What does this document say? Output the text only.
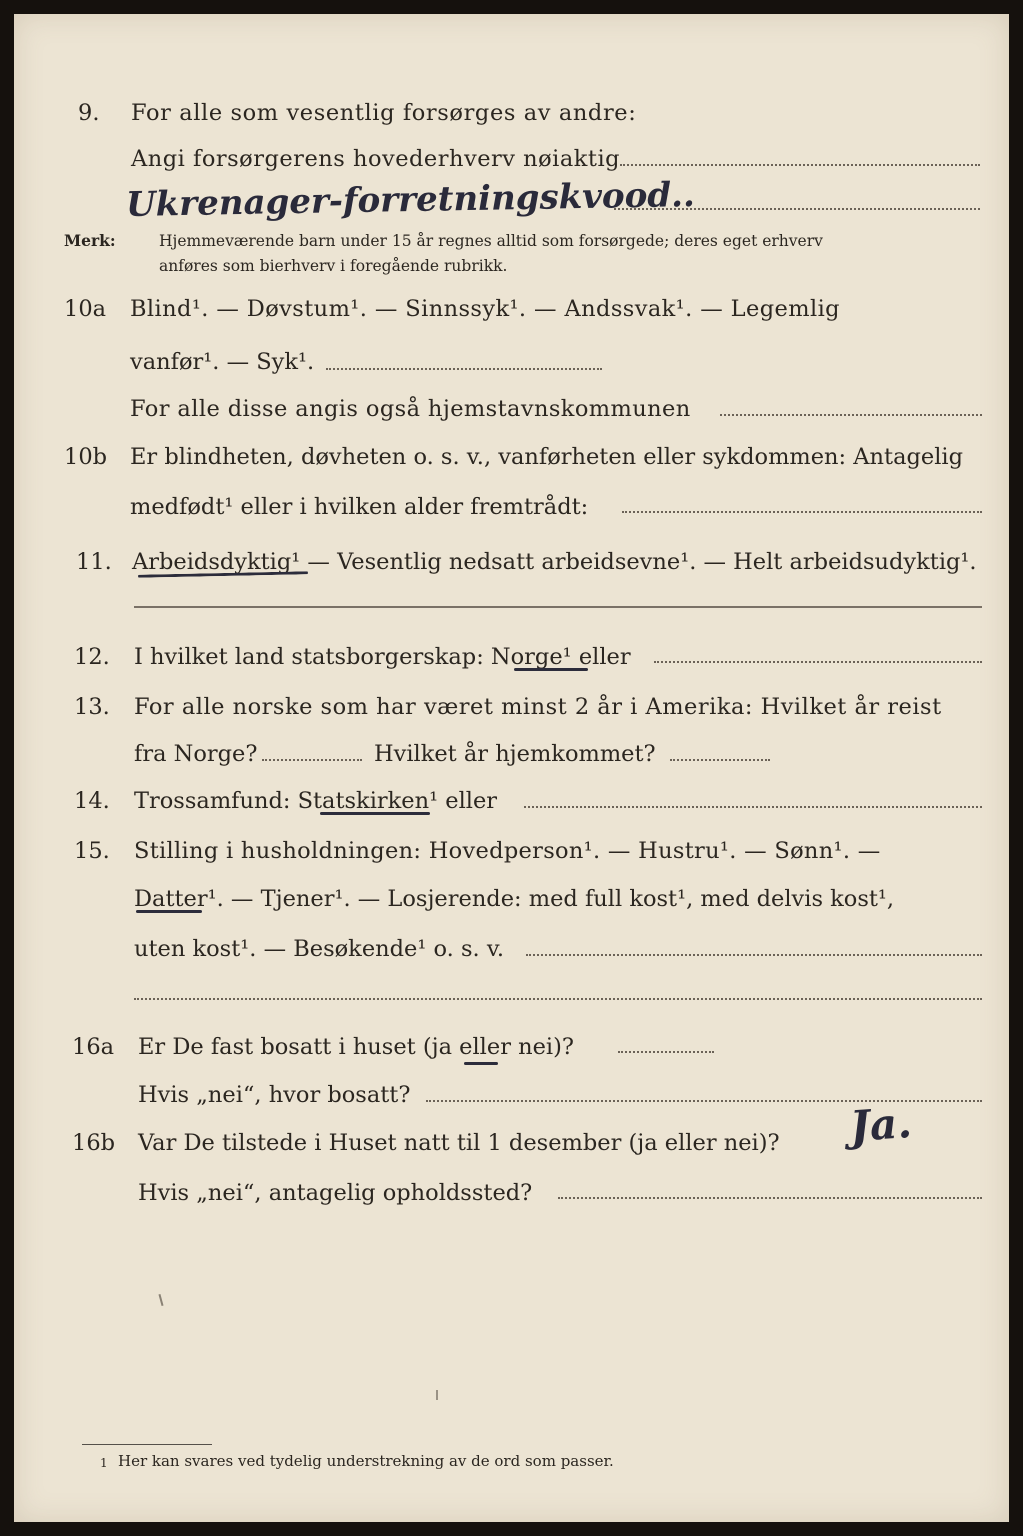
9. For alle som vesentlig forsørges av andre:
Angi forsørgerens hovederhverv nøiaktig
Ukrenager-forretningskvood..
Merk:	Hjemmeværende barn under 15 år regnes alltid som forsørgede; deres eget erhverv
anføres som bierhverv i foregående rubrikk.
10a Blind¹. — Døvstum¹. — Sinnssyk¹. — Andssvak¹. — Legemlig
vanfør¹. — Syk¹.
For alle disse angis også hjemstavnskommunen
10b Er blindheten, døvheten o. s. v., vanførheten eller sykdommen: Antagelig
medfødt¹ eller i hvilken alder fremtrådt:
11. Arbeidsdyktig¹ — Vesentlig nedsatt arbeidsevne¹. — Helt arbeidsudyktig¹.
12. I hvilket land statsborgerskap: Norge¹ eller
13. For alle norske som har været minst 2 år i Amerika: Hvilket år reist
fra Norge?	Hvilket år hjemkommet?
14. Trossamfund: Statskirken¹ eller
15. Stilling i husholdningen: Hovedperson¹. — Hustru¹. — Sønn¹. —
Datter¹. — Tjener¹. — Losjerende: med full kost¹, med delvis kost¹,
uten kost¹. — Besøkende¹ o. s. v.
16a Er De fast bosatt i huset (ja eller nei)?
Hvis „nei“, hvor bosatt?
16b Var De tilstede i Huset natt til 1 desember (ja eller nei)? Ja.
Hvis „nei“, antagelig opholdssted?
1 Her kan svares ved tydelig understrekning av de ord som passer.
